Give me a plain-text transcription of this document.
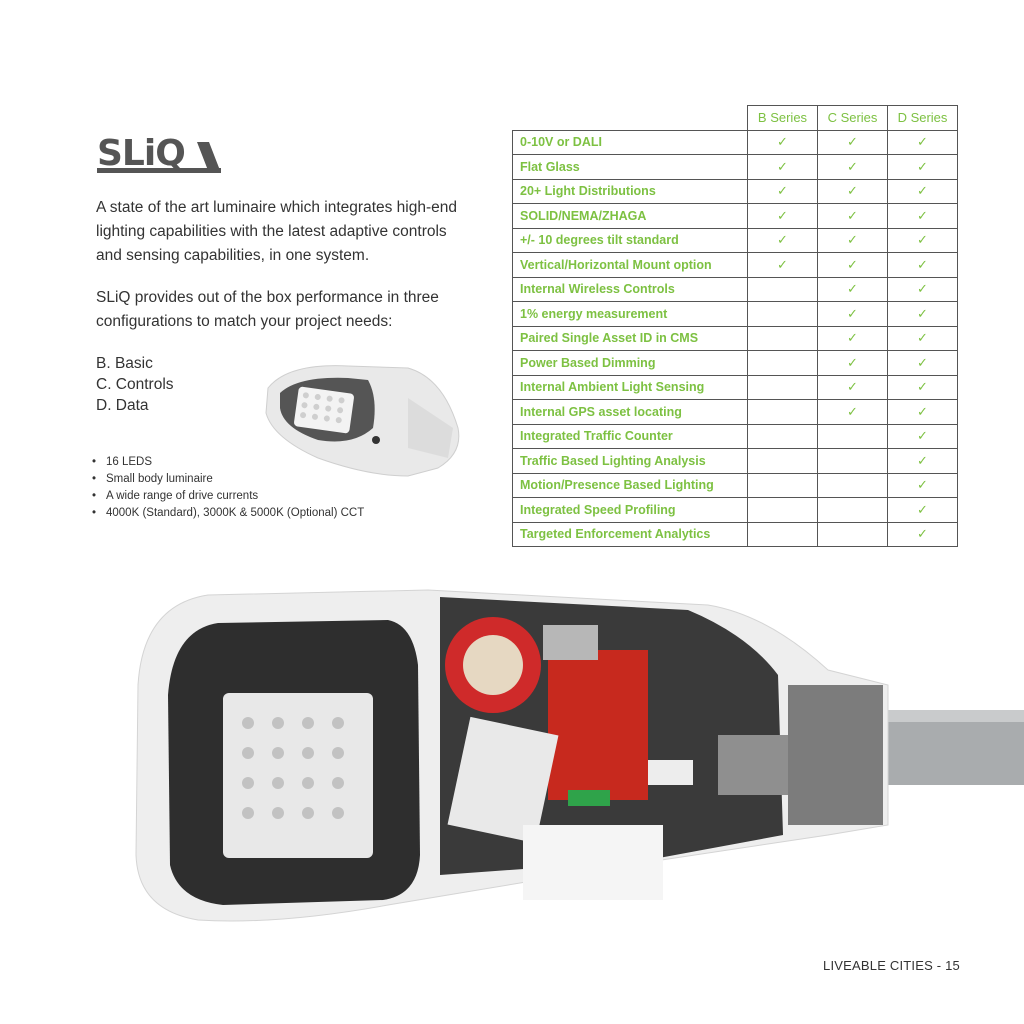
SLiQ

A state of the art luminaire which integrates high-end lighting capabilities with the latest adaptive controls and sensing capabilities, in one system.

SLiQ provides out of the box performance in three configurations to match your project needs:

B. Basic
C. Controls
D. Data
• 16 LEDS
• Small body luminaire
• A wide range of drive currents
• 4000K (Standard), 3000K & 5000K (Optional) CCT
	B Series	C Series	D Series
0-10V or DALI	✓	✓	✓
Flat Glass	✓	✓	✓
20+ Light Distributions	✓	✓	✓
SOLID/NEMA/ZHAGA	✓	✓	✓
+/- 10 degrees tilt standard	✓	✓	✓
Vertical/Horizontal Mount option	✓	✓	✓
Internal Wireless Controls		✓	✓
1% energy measurement		✓	✓
Paired Single Asset ID in CMS		✓	✓
Power Based Dimming		✓	✓
Internal Ambient Light Sensing		✓	✓
Internal GPS asset locating		✓	✓
Integrated Traffic Counter			✓
Traffic Based Lighting Analysis			✓
Motion/Presence Based Lighting			✓
Integrated Speed Profiling			✓
Targeted Enforcement Analytics			✓
LIVEABLE CITIES - 15
